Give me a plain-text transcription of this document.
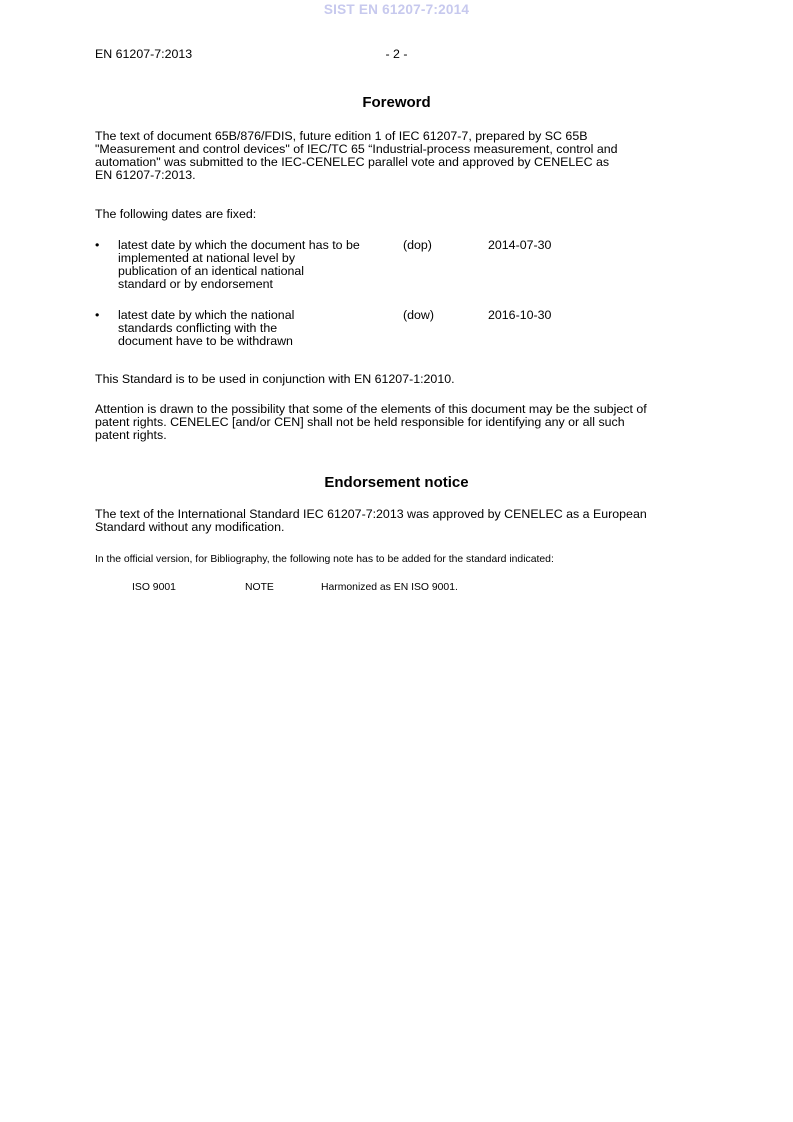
SIST EN 61207-7:2014
EN 61207-7:2013	- 2 -
Foreword
The text of document 65B/876/FDIS, future edition 1 of IEC 61207-7, prepared by SC 65B
"Measurement and control devices" of IEC/TC 65 “Industrial-process measurement, control and
automation" was submitted to the IEC-CENELEC parallel vote and approved by CENELEC as
EN 61207-7:2013.
The following dates are fixed:
• latest date by which the document has to be
implemented at national level by
publication of an identical national
standard or by endorsement
(dop)	2014-07-30
• latest date by which the national
standards conflicting with the
document have to be withdrawn
(dow)	2016-10-30
This Standard is to be used in conjunction with EN 61207-1:2010.
Attention is drawn to the possibility that some of the elements of this document may be the subject of
patent rights. CENELEC [and/or CEN] shall not be held responsible for identifying any or all such
patent rights.
Endorsement notice
The text of the International Standard IEC 61207-7:2013 was approved by CENELEC as a European
Standard without any modification.
In the official version, for Bibliography, the following note has to be added for the standard indicated:
ISO 9001	NOTE	Harmonized as EN ISO 9001.
